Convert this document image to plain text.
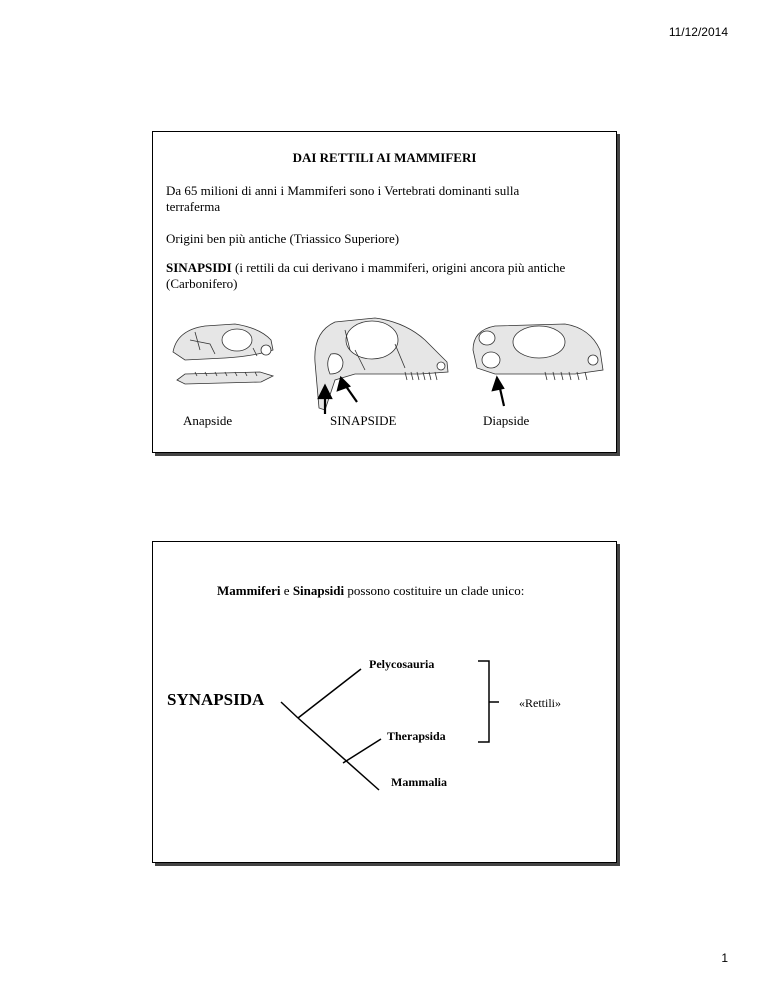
11/12/2014
DAI RETTILI AI MAMMIFERI
Da 65 milioni di anni i Mammiferi sono i Vertebrati dominanti sulla terraferma
Origini ben più antiche (Triassico Superiore)
SINAPSIDI (i rettili da cui derivano i mammiferi, origini ancora più antiche (Carbonifero)
Anapside	SINAPSIDE	Diapside
Mammiferi e Sinapsidi possono costituire un clade unico:
SYNAPSIDA
Pelycosauria
Therapsida
Mammalia
«Rettili»
1
